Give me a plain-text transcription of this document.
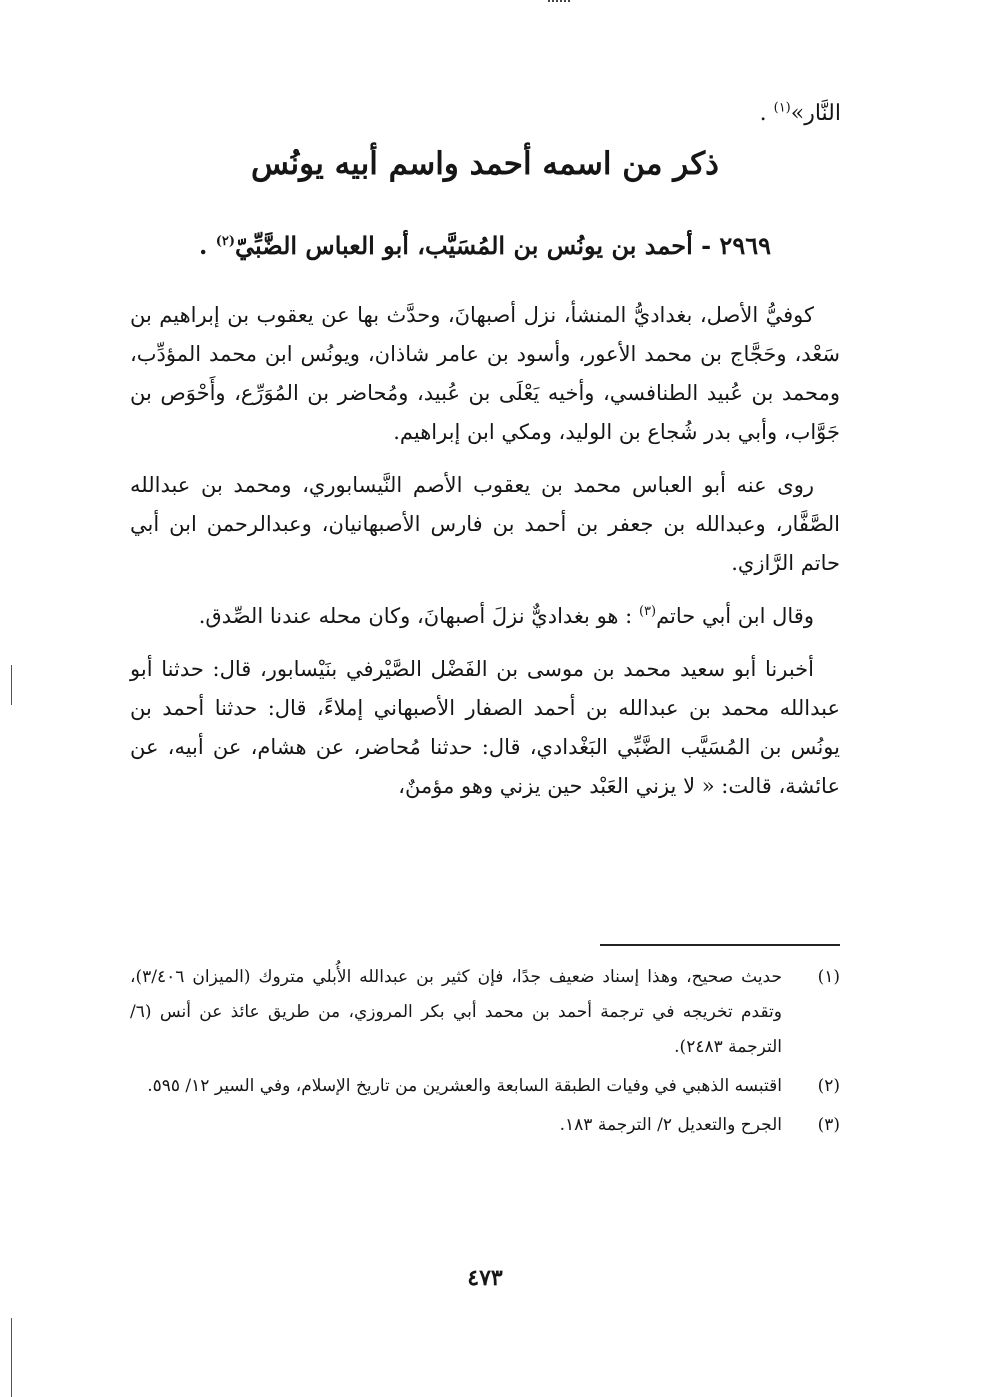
النَّار»$^{(١)}$ .
ذكر من اسمه أحمد واسم أبيه يونُس
٢٩٦٩ - أحمد بن يونُس بن المُسَيَّب، أبو العباس الضَّبِّيّ$^{(٢)}$ .

كوفيُّ الأصل، بغداديُّ المنشأ، نزل أصبهانَ، وحدَّث بها عن يعقوب بن إبراهيم بن سَعْد، وحَجَّاج بن محمد الأعور، وأسود بن عامر شاذان، ويونُس ابن محمد المؤدِّب، ومحمد بن عُبيد الطنافسي، وأخيه يَعْلَى بن عُبيد، ومُحاضر بن المُوَرِّع، وأَحْوَص بن جَوَّاب، وأبي بدر شُجاع بن الوليد، ومكي ابن إبراهيم.

روى عنه أبو العباس محمد بن يعقوب الأصم النَّيسابوري، ومحمد بن عبدالله الصَّفَّار، وعبدالله بن جعفر بن أحمد بن فارس الأصبهانيان، وعبدالرحمن ابن أبي حاتم الرَّازي.

وقال ابن أبي حاتم$^{(٣)}$ : هو بغداديٌّ نزلَ أصبهانَ، وكان محله عندنا الصِّدق.

أخبرنا أبو سعيد محمد بن موسى بن الفَضْل الصَّيْرفي بنَيْسابور، قال: حدثنا أبو عبدالله محمد بن عبدالله بن أحمد الصفار الأصبهاني إملاءً، قال: حدثنا أحمد بن يونُس بن المُسَيَّب الضَّبِّي البَغْدادي، قال: حدثنا مُحاضر، عن هشام، عن أبيه، عن عائشة، قالت: « لا يزني العَبْد حين يزني وهو مؤمنٌ،

(١)
حديث صحيح، وهذا إسناد ضعيف جدًا، فإن كثير بن عبدالله الأُبلي متروك (الميزان ٣/٤٠٦)، وتقدم تخريجه في ترجمة أحمد بن محمد أبي بكر المروزي، من طريق عائذ عن أنس (٦/ الترجمة ٢٤٨٣).
(٢)
اقتبسه الذهبي في وفيات الطبقة السابعة والعشرين من تاريخ الإسلام، وفي السير ١٢/ ٥٩٥.
(٣)
الجرح والتعديل ٢/ الترجمة ١٨٣.
٤٧٣
